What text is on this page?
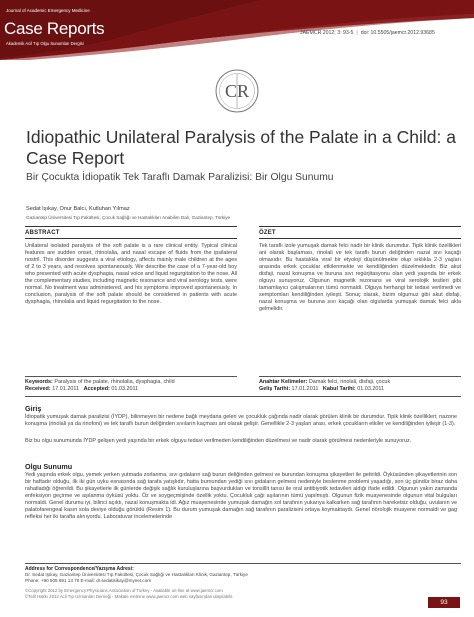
Journal of Academic Emergency Medicine
Case Reports
Akademik Acil Tıp Olgu Sunumları Dergisi
JAEMCR 2012; 3: 93-5 | doi: 10.5505/jaemcr.2012.93685
CR
Idiopathic Unilateral Paralysis of the Palate in a Child: a Case Report
Bir Çocukta İdiopatik Tek Taraflı Damak Paralizisi: Bir Olgu Sunumu
Sedat Işıkay, Onur Balcı, Kutluhan Yılmaz
Gaziantep Üniversitesi Tıp Fakültesi, Çocuk Sağlığı ve Hastalıkları Anabilim Dalı, Gaziantep, Türkiye
ABSTRACT
Unilateral isolated paralysis of the soft palate is a rare clinical entity. Typical clinical features are sudden onset, rhinolalia, and nasal escape of fluids from the ipsilateral nostril. This disorder suggests a viral etiology, affects mainly male children at the ages of 2 to 3 years, and resolves spontaneously. We describe the case of a 7-year-old boy who presented with acute dysphagia, nasal voice and liquid regurgitation to the nose. All the complementary studies, including magnetic resonance and viral serology tests, were normal. No treatment was administered, and his symptoms improved spontaneously. In conclusion, paralysis of the soft palate should be considered in patients with acute dysphagia, rhinolalia and liquid regurgitation to the nose.
ÖZET
Tek taraflı izole yumuşak damak felci nadir bir klinik durumdur. Tipik klinik özellikleri ani olarak başlaması, rinolali ve tek taraflı burun deliğinden nazal sıvı kaçağı olmasıdır. Bu hastalıkla viral bir etyoloji düşünülmekte olup sıklıkla 2-3 yaşları arasında erkek çocuklar etkilenmekte ve kendiliğinden düzelmektedir. Biz akut disfaji, nazal konuşma ve buruna sıvı regürjitasyonu olan yedi yaşında bir erkek olguyu sunuyoruz. Olgunun magnetik rezonans ve viral serolojik testleri gibi tamamlayıcı çalışmalarının tümü normaldi. Olguya herhangi bir tedavi verilmedi ve semptomları kendiliğinden iyileşti. Sonuç olarak, bizim olgumuz gibi akut disfaji, nazal konuşma ve buruna sıvı kaçağı olan olgularda yumuşak damak felci akla gelmelidir.
Keywords: Paralysis of the palate, rhinolalia, dysphagia, child
Received: 17.01.2011 Accepted: 01.03.2011
Anahtar Kelimeler: Damak felci, rinolali, disfaji, çocuk
Geliş Tarihi: 17.01.2011 Kabul Tarihi: 01.03.2011
Giriş
İdiopatik yumuşak damak paralizisi (İYDP), bilinmeyen bir nedene bağlı meydana gelen ve çocukluk çağında nadir olarak görülen klinik bir durumdur. Tipik klinik özellikleri; nazone konuşma (rinolali ya da rinofoni) ve tek taraflı burun deliğinden sıvıların kaçması ani olarak gelişir. Genellikle 2-3 yaşları arası, erkek çocukların etkiler ve kendiliğinden iyileşir (1-3).
Biz bu olgu sunumunda İYDP gelişen yedi yaşında bir erkek olguyu tedavi verilmeden kendiliğinden düzelmesi ve nadir olarak görülmesi nedenleriyle sunuyoruz.
Olgu Sunumu
Yedi yaşında erkek olgu, yemek yerken yutmada zorlanma, sıvı gıdaların sağ burun deliğinden gelmesi ve burundan konuşma şikayetleri ile getirildi. Öyküsünden şikayetlerinin son bir haftadır olduğu, ilk iki gün uyku esnasında sağ tarafa yatışlıdır, hatta burnundan yediği sıvı gıdaların gelmesi nedeniyle beslenme problemi yaşadığı, son üç gündür biraz daha rahatladığı öğrenildi. Bu şikayetlerle ilk günlerde değişik sağlık kuruluşlarına başvurdukları ve tonsillit tanısı ile oral antibiyotik tedavileri aldığı ifade edildi. Olgunun yakın zamanda enfeksiyon geçirme ve aşılanma öyküsü yoktu. Öz ve soygeçmişinde özellik yoktu. Çocukluk çağı aşılarının tümü yapılmıştı. Olgunun fizik muayenesinde olgunun vital bulguları normaldi. Genel durumu iyi, bilinci açıktı, nazal konuşmakta idi. Ağız muayenesinde yumuşak damağın sol tarafının yukarıya kalkarken sağ tarafının hareketsiz olduğu, uvulanın ve palatofarengeal kasın sola deviye olduğu görüldü (Resim 1). Bu durum yumuşak damağın sağ tarafının paralizisini ortaya koymaktaydı. Genel nörolojik muayene normaldi ve gag refleksi her iki tarafta alınıyordu. Laboratuvar incelemelerinde
Address for Correspondence/Yazışma Adresi:
Dr. Sedat Işıkay, Gaziantep Üniversitesi Tıp Fakültesi, Çocuk Sağlığı ve Hastalıkları Klinik, Gaziantep, Türkiye
Phone: +90 505 691 13 70 E-mail: dr.sedatisikay@mynet.com
©Copyright 2012 by Emergency Physicians Association of Turkey - Available on-line at www.jaemcr.com
©Telif Hakkı 2012 Acil Tıp Uzmanları Derneği - Makale metnine www.jaemcr.com web sayfasından ulaşılabilir.
93
